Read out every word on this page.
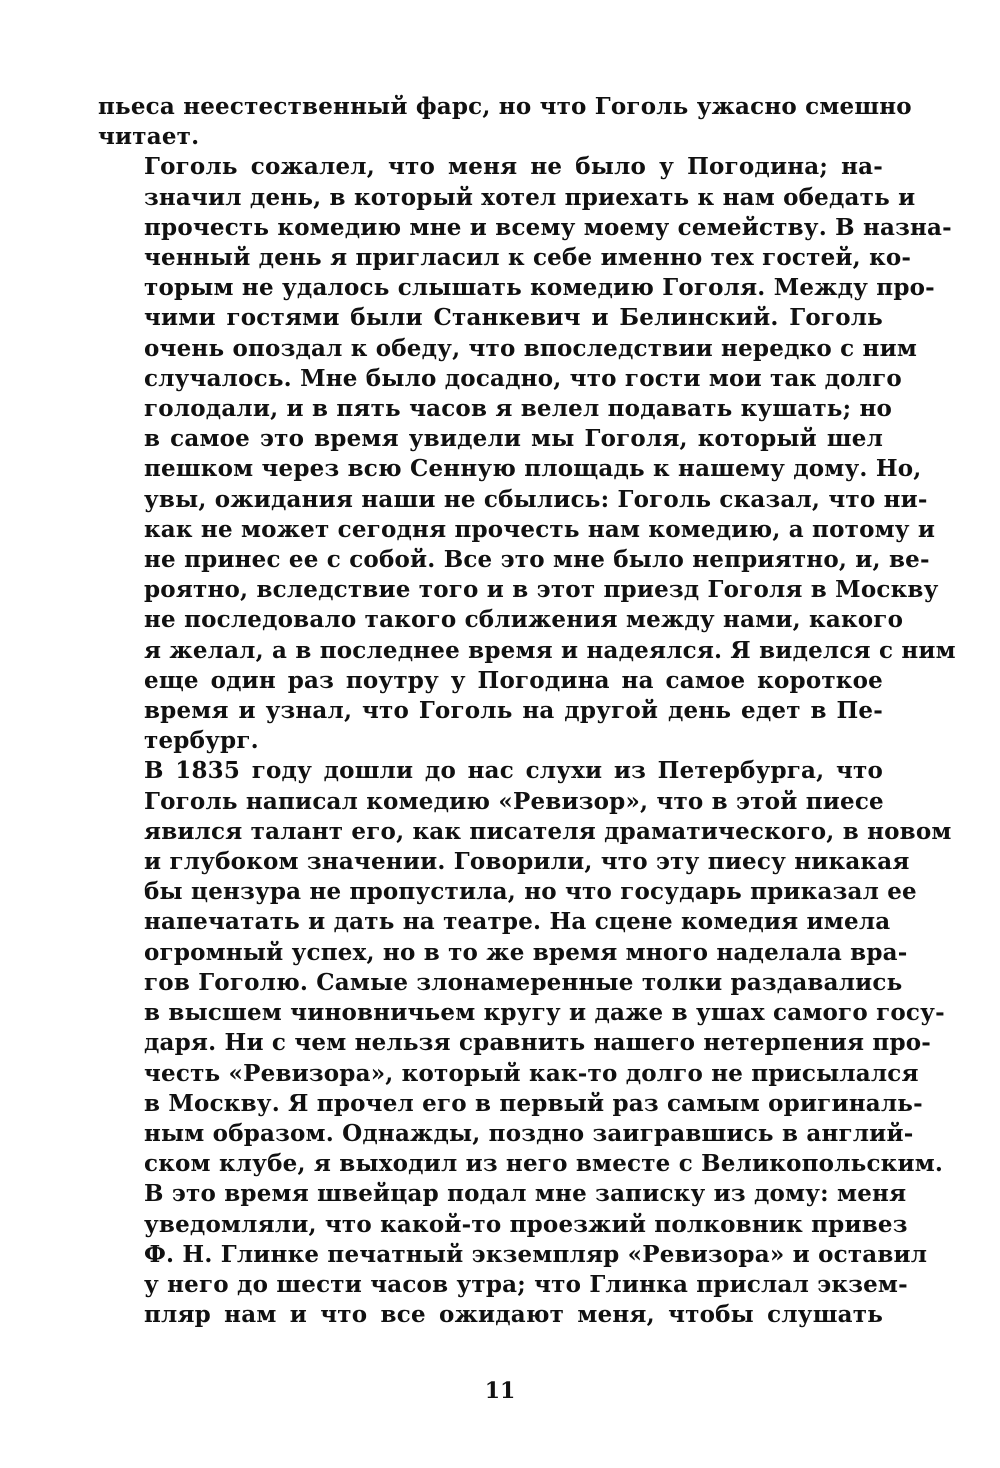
пьеса неестественный фарс, но что Гоголь ужасно смешно
читает.

Гоголь сожалел, что меня не было у Погодина; на-
значил день, в который хотел приехать к нам обедать и
прочесть комедию мне и всему моему семейству. В назна-
ченный день я пригласил к себе именно тех гостей, ко-
торым не удалось слышать комедию Гоголя. Между про-
чими гостями были Станкевич и Белинский. Гоголь
очень опоздал к обеду, что впоследствии нередко с ним
случалось. Мне было досадно, что гости мои так долго
голодали, и в пять часов я велел подавать кушать; но
в самое это время увидели мы Гоголя, который шел
пешком через всю Сенную площадь к нашему дому. Но,
увы, ожидания наши не сбылись: Гоголь сказал, что ни-
как не может сегодня прочесть нам комедию, а потому и
не принес ее с собой. Все это мне было неприятно, и, ве-
роятно, вследствие того и в этот приезд Гоголя в Москву
не последовало такого сближения между нами, какого
я желал, а в последнее время и надеялся. Я виделся с ним
еще один раз поутру у Погодина на самое короткое
время и узнал, что Гоголь на другой день едет в Пе-
тербург.

В 1835 году дошли до нас слухи из Петербурга, что
Гоголь написал комедию «Ревизор», что в этой пиесе
явился талант его, как писателя драматического, в новом
и глубоком значении. Говорили, что эту пиесу никакая
бы цензура не пропустила, но что государь приказал ее
напечатать и дать на театре. На сцене комедия имела
огромный успех, но в то же время много наделала вра-
гов Гоголю. Самые злонамеренные толки раздавались
в высшем чиновничьем кругу и даже в ушах самого госу-
даря. Ни с чем нельзя сравнить нашего нетерпения про-
честь «Ревизора», который как-то долго не присылался
в Москву. Я прочел его в первый раз самым оригиналь-
ным образом. Однажды, поздно заигравшись в англий-
ском клубе, я выходил из него вместе с Великопольским.
В это время швейцар подал мне записку из дому: меня
уведомляли, что какой-то проезжий полковник привез
Ф. Н. Глинке печатный экземпляр «Ревизора» и оставил
у него до шести часов утра; что Глинка прислал экзем-
пляр нам и что все ожидают меня, чтобы слушать

11
